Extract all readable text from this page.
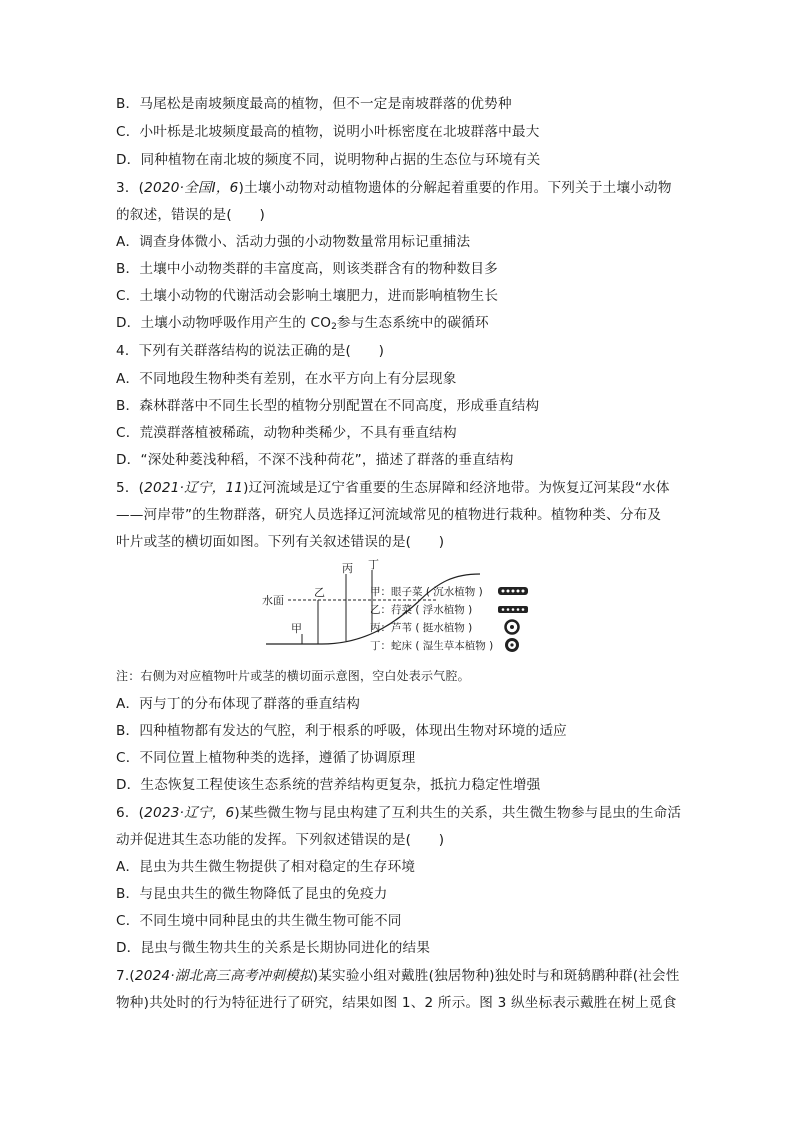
B．马尾松是南坡频度最高的植物，但不一定是南坡群落的优势种
C．小叶栎是北坡频度最高的植物，说明小叶栎密度在北坡群落中最大
D．同种植物在南北坡的频度不同，说明物种占据的生态位与环境有关
3．(2020·全国Ⅰ，6)土壤小动物对动植物遗体的分解起着重要的作用。下列关于土壤小动物
的叙述，错误的是(　　)
A．调查身体微小、活动力强的小动物数量常用标记重捕法
B．土壤中小动物类群的丰富度高，则该类群含有的物种数目多
C．土壤小动物的代谢活动会影响土壤肥力，进而影响植物生长
D．土壤小动物呼吸作用产生的 $CO_2$参与生态系统中的碳循环
4．下列有关群落结构的说法正确的是(　　)
A．不同地段生物种类有差别，在水平方向上有分层现象
B．森林群落中不同生长型的植物分别配置在不同高度，形成垂直结构
C．荒漠群落植被稀疏，动物种类稀少，不具有垂直结构
D．“深处种菱浅种稻，不深不浅种荷花”，描述了群落的垂直结构
5．(2021·辽宁，11)辽河流域是辽宁省重要的生态屏障和经济地带。为恢复辽河某段“水体
——河岸带”的生物群落，研究人员选择辽河流域常见的植物进行栽种。植物种类、分布及
叶片或茎的横切面如图。下列有关叙述错误的是(　　)
水面
甲
乙
丙 丁
甲：眼子菜 ( 沉水植物 )
乙：荇菜 ( 浮水植物 )
丙：芦苇 ( 挺水植物 )
丁：蛇床 ( 湿生草本植物 )
注：右侧为对应植物叶片或茎的横切面示意图，空白处表示气腔。
A．丙与丁的分布体现了群落的垂直结构
B．四种植物都有发达的气腔，利于根系的呼吸，体现出生物对环境的适应
C．不同位置上植物种类的选择，遵循了协调原理
D．生态恢复工程使该生态系统的营养结构更复杂，抵抗力稳定性增强
6．(2023·辽宁，6)某些微生物与昆虫构建了互利共生的关系，共生微生物参与昆虫的生命活
动并促进其生态功能的发挥。下列叙述错误的是(　　)
A．昆虫为共生微生物提供了相对稳定的生存环境
B．与昆虫共生的微生物降低了昆虫的免疫力
C．不同生境中同种昆虫的共生微生物可能不同
D．昆虫与微生物共生的关系是长期协同进化的结果
7.(2024·湖北高三高考冲刺模拟)某实验小组对戴胜(独居物种)独处时与和斑鸫鹛种群(社会性
物种)共处时的行为特征进行了研究，结果如图 1、2 所示。图 3 纵坐标表示戴胜在树上觅食
